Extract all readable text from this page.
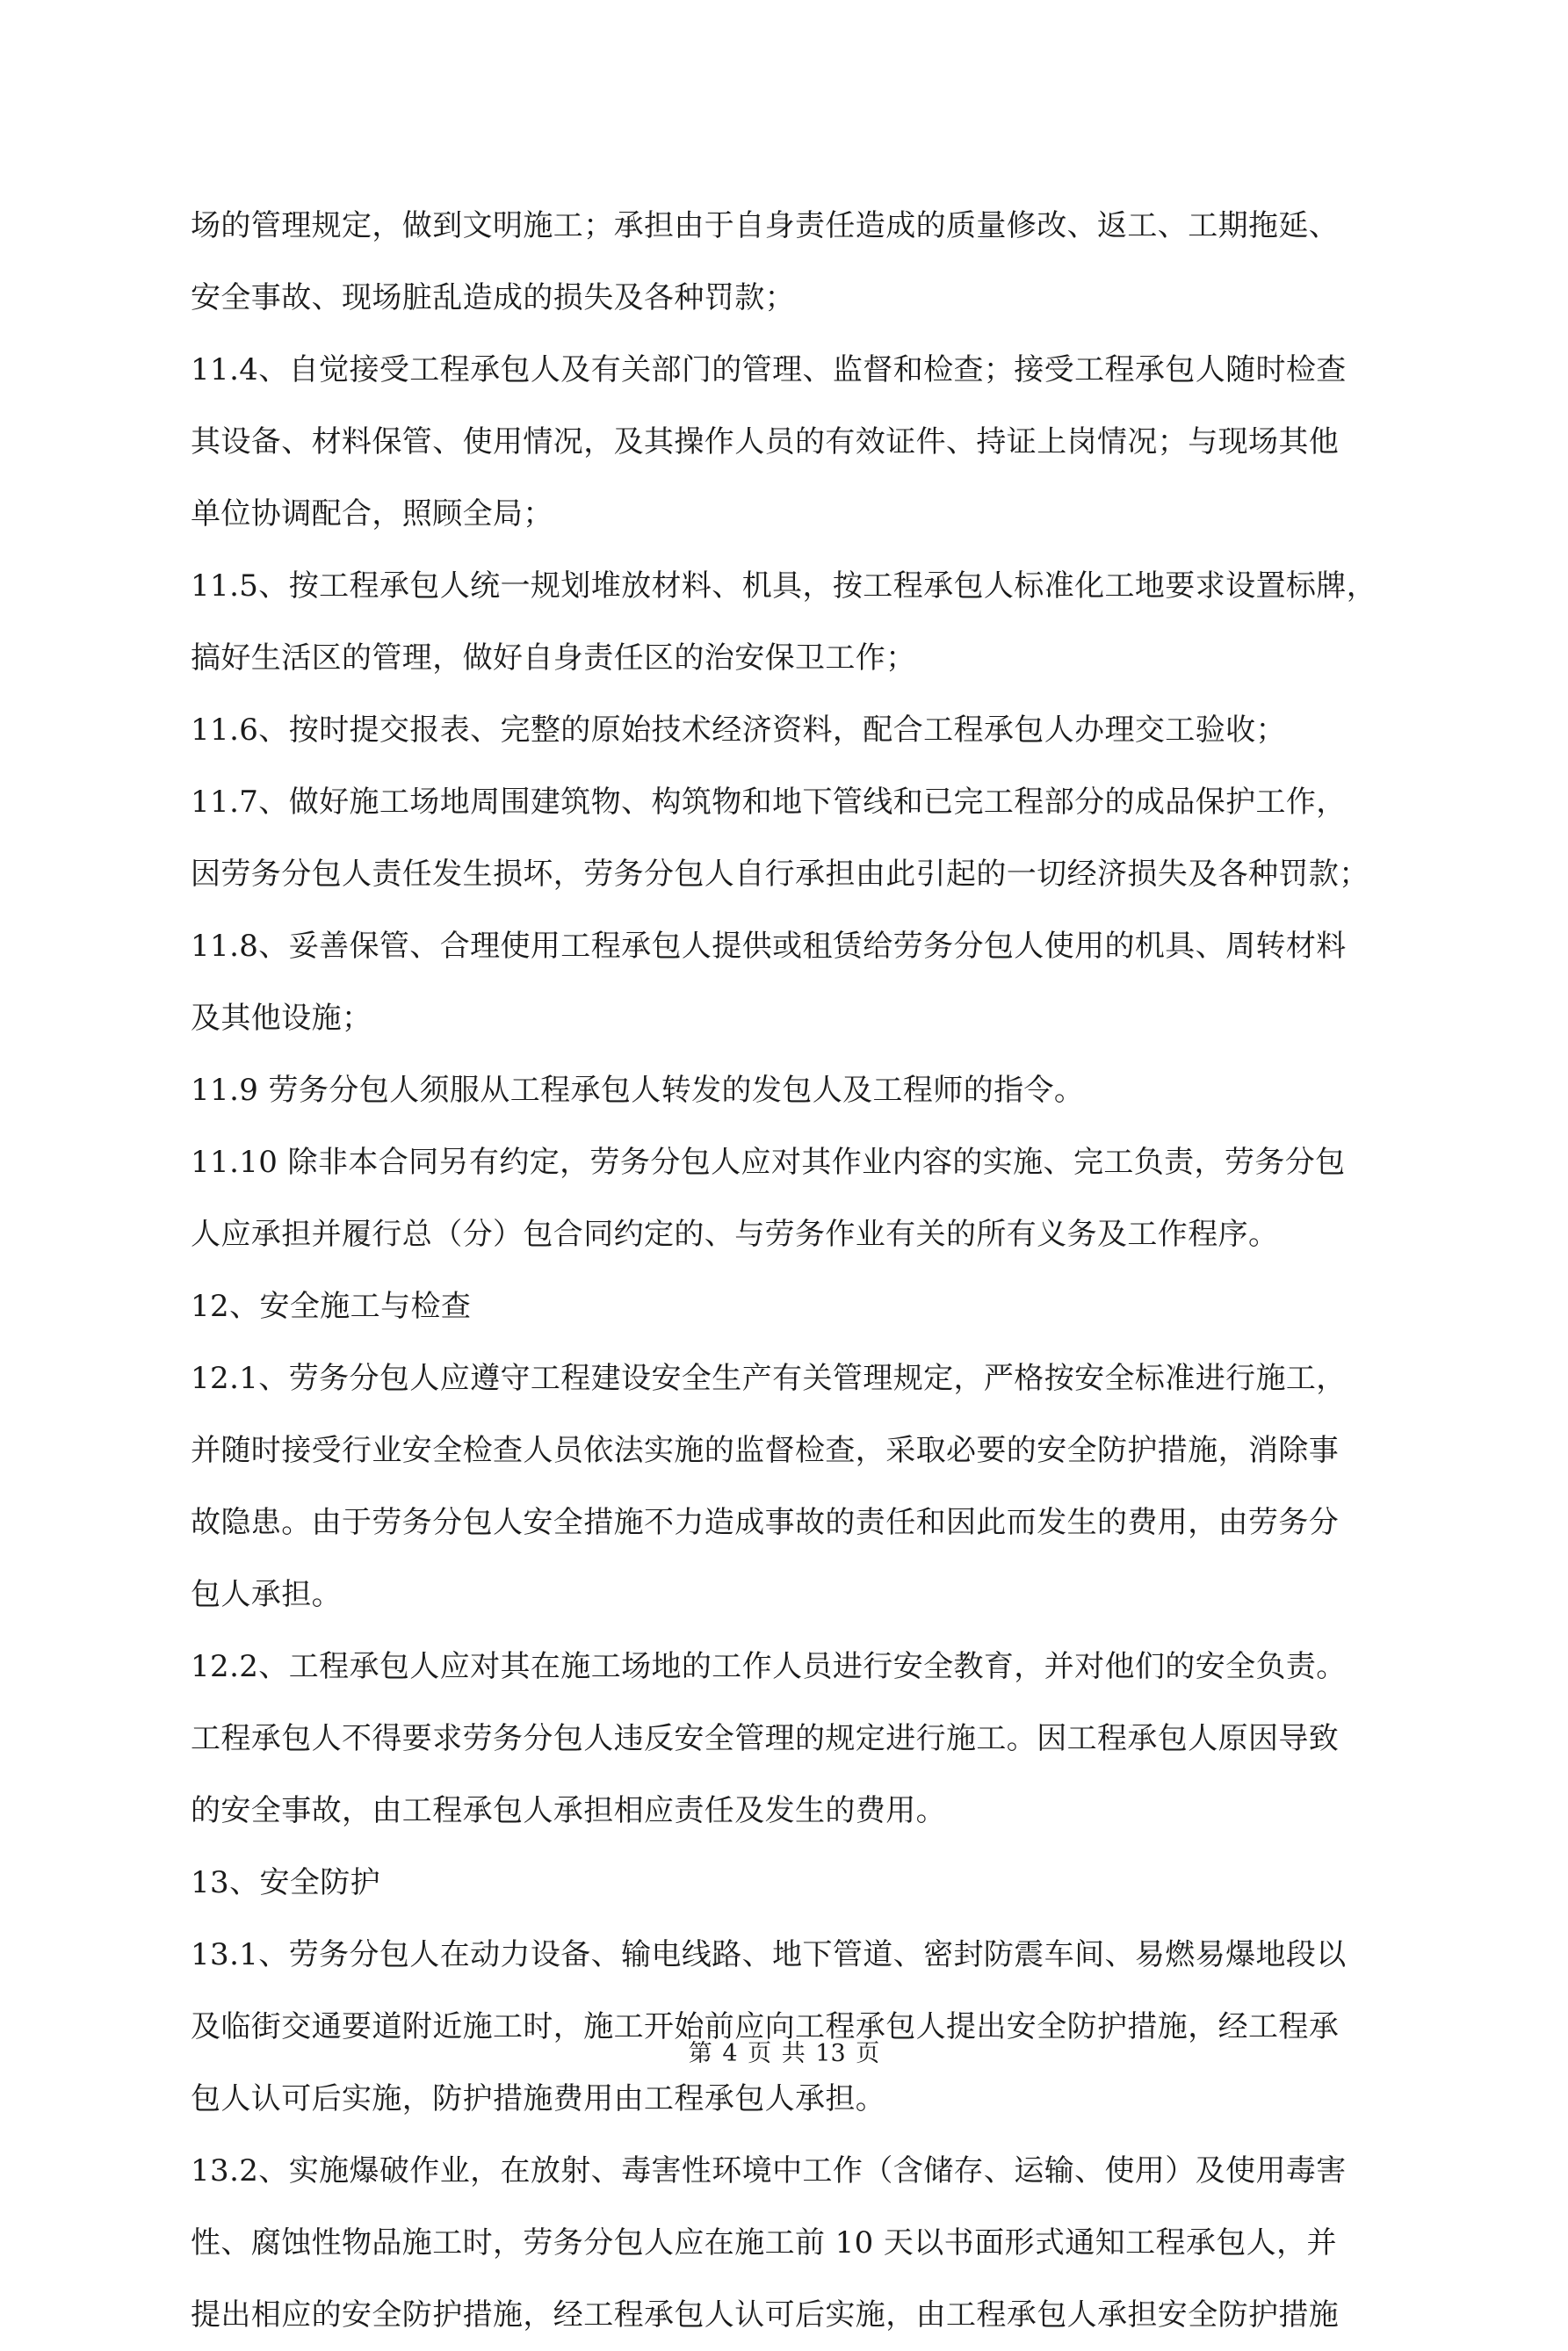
场的管理规定，做到文明施工；承担由于自身责任造成的质量修改、返工、工期拖延、
安全事故、现场脏乱造成的损失及各种罚款；
11.4、自觉接受工程承包人及有关部门的管理、监督和检查；接受工程承包人随时检查
其设备、材料保管、使用情况，及其操作人员的有效证件、持证上岗情况；与现场其他
单位协调配合，照顾全局；
11.5、按工程承包人统一规划堆放材料、机具，按工程承包人标准化工地要求设置标牌，
搞好生活区的管理，做好自身责任区的治安保卫工作；
11.6、按时提交报表、完整的原始技术经济资料，配合工程承包人办理交工验收；
11.7、做好施工场地周围建筑物、构筑物和地下管线和已完工程部分的成品保护工作，
因劳务分包人责任发生损坏，劳务分包人自行承担由此引起的一切经济损失及各种罚款；
11.8、妥善保管、合理使用工程承包人提供或租赁给劳务分包人使用的机具、周转材料
及其他设施；
11.9 劳务分包人须服从工程承包人转发的发包人及工程师的指令。
11.10 除非本合同另有约定，劳务分包人应对其作业内容的实施、完工负责，劳务分包
人应承担并履行总（分）包合同约定的、与劳务作业有关的所有义务及工作程序。
12、安全施工与检查
12.1、劳务分包人应遵守工程建设安全生产有关管理规定，严格按安全标准进行施工，
并随时接受行业安全检查人员依法实施的监督检查，采取必要的安全防护措施，消除事
故隐患。由于劳务分包人安全措施不力造成事故的责任和因此而发生的费用，由劳务分
包人承担。
12.2、工程承包人应对其在施工场地的工作人员进行安全教育，并对他们的安全负责。
工程承包人不得要求劳务分包人违反安全管理的规定进行施工。因工程承包人原因导致
的安全事故，由工程承包人承担相应责任及发生的费用。
13、安全防护
13.1、劳务分包人在动力设备、输电线路、地下管道、密封防震车间、易燃易爆地段以
及临街交通要道附近施工时，施工开始前应向工程承包人提出安全防护措施，经工程承
包人认可后实施，防护措施费用由工程承包人承担。
13.2、实施爆破作业，在放射、毒害性环境中工作（含储存、运输、使用）及使用毒害
性、腐蚀性物品施工时，劳务分包人应在施工前 10 天以书面形式通知工程承包人，并
提出相应的安全防护措施，经工程承包人认可后实施，由工程承包人承担安全防护措施
第 4 页 共 13 页
